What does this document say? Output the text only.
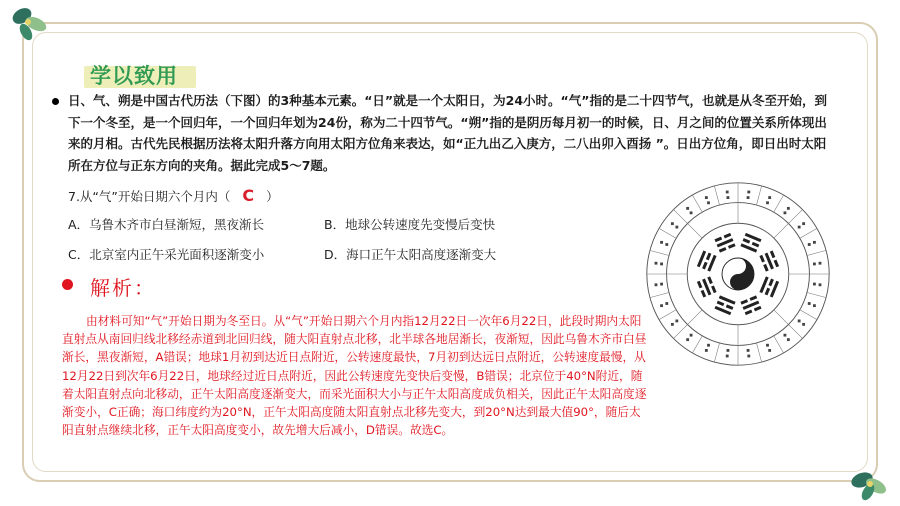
学以致用

日、气、朔是中国古代历法（下图）的3种基本元素。“日”就是一个太阳日，为24小时。“气”指的是二十四节气，也就是从冬至开始，到下一个冬至，是一个回归年，一个回归年划为24份，称为二十四节气。“朔”指的是阴历每月初一的时候，日、月之间的位置关系所体现出来的月相。古代先民根据历法将太阳升落方向用太阳方位角来表达，如“正九出乙入庚方，二八出卯入酉扬 ”。日出方位角，即日出时太阳所在方位与正东方向的夹角。据此完成5～7题。

7.从“气”开始日期六个月内（ C ）
A．乌鲁木齐市白昼渐短，黑夜渐长	B．地球公转速度先变慢后变快
C．北京室内正午采光面积逐渐变小	D．海口正午太阳高度逐渐变大
解析：

由材料可知“气”开始日期为冬至日。从“气”开始日期六个月内指12月22日一次年6月22日，此段时期内太阳直射点从南回归线北移经赤道到北回归线，随大阳直射点北移，北半球各地居渐长，夜渐短，因此乌鲁木齐市白昼渐长，黑夜渐短，A错误；地球1月初到达近日点附近，公转速度最快，7月初到达远日点附近，公转速度最慢，从12月22日到次年6月22日，地球经过近日点附近，因此公转速度先变快后变慢，B错误；北京位于40°N附近，随着太阳直射点向北移动，正午太阳高度逐渐变大，而采光面积大小与正午太阳高度成负相关，因此正午太阳高度逐渐变小，C正确；海口纬度约为20°N，正午太阳高度随太阳直射点北移先变大，到20°N达到最大值90°，随后太阳直射点继续北移，正午太阳高度变小，故先增大后减小，D错误。故选C。
